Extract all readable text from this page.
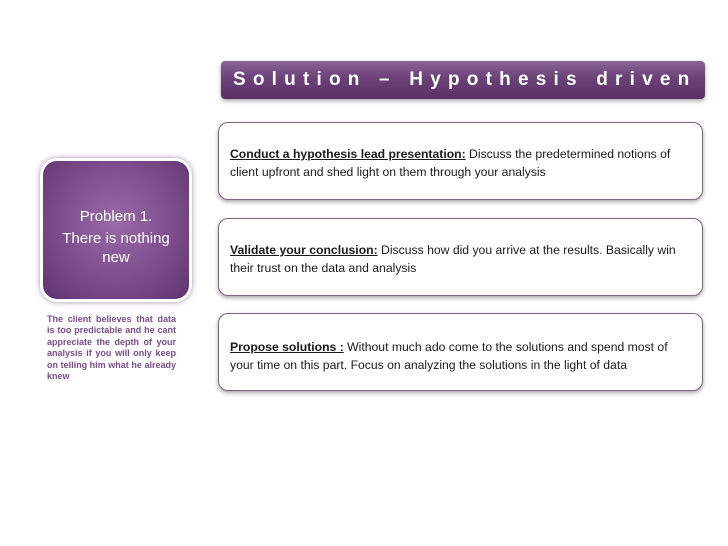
Solution – Hypothesis driven
Problem 1.
There is nothing new
The client believes that data is too predictable and he cant appreciate the depth of your analysis if you will only keep on telling him what he already knew
Conduct a hypothesis lead presentation: Discuss the predetermined notions of client upfront and shed light on them through your analysis
Validate your conclusion: Discuss how did you arrive at the results. Basically win their trust on the data and analysis
Propose solutions : Without much ado come to the solutions and spend most of your time on this part. Focus on analyzing the solutions in the light of data
